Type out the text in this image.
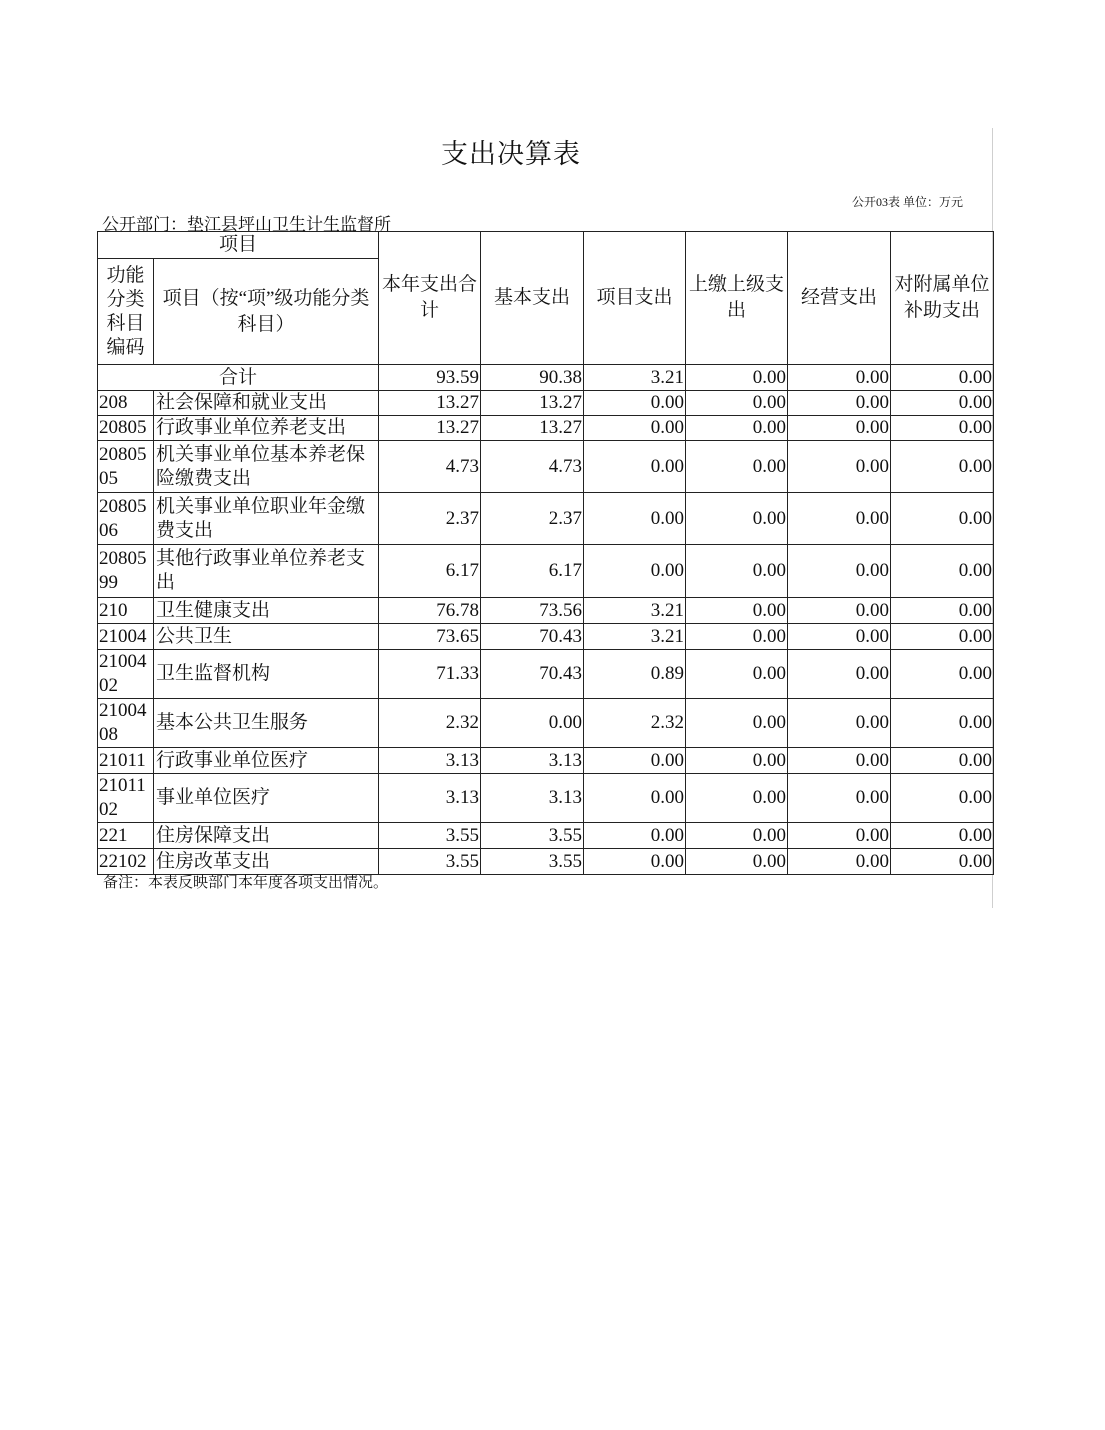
支出决算表
公开03表 单位：万元
公开部门：垫江县坪山卫生计生监督所
项目		本年支出合计	基本支出	项目支出	上缴上级支出	经营支出	对附属单位补助支出
功能分类科目编码	项目（按“项”级功能分类科目）						
合计		93.59	90.38	3.21	0.00	0.00	0.00
208	社会保障和就业支出	13.27	13.27	0.00	0.00	0.00	0.00
20805	行政事业单位养老支出	13.27	13.27	0.00	0.00	0.00	0.00
2080505	机关事业单位基本养老保险缴费支出	4.73	4.73	0.00	0.00	0.00	0.00
2080506	机关事业单位职业年金缴费支出	2.37	2.37	0.00	0.00	0.00	0.00
2080599	其他行政事业单位养老支出	6.17	6.17	0.00	0.00	0.00	0.00
210	卫生健康支出	76.78	73.56	3.21	0.00	0.00	0.00
21004	公共卫生	73.65	70.43	3.21	0.00	0.00	0.00
2100402	卫生监督机构	71.33	70.43	0.89	0.00	0.00	0.00
2100408	基本公共卫生服务	2.32	0.00	2.32	0.00	0.00	0.00
21011	行政事业单位医疗	3.13	3.13	0.00	0.00	0.00	0.00
2101102	事业单位医疗	3.13	3.13	0.00	0.00	0.00	0.00
221	住房保障支出	3.55	3.55	0.00	0.00	0.00	0.00
22102	住房改革支出	3.55	3.55	0.00	0.00	0.00	0.00
备注：本表反映部门本年度各项支出情况。
